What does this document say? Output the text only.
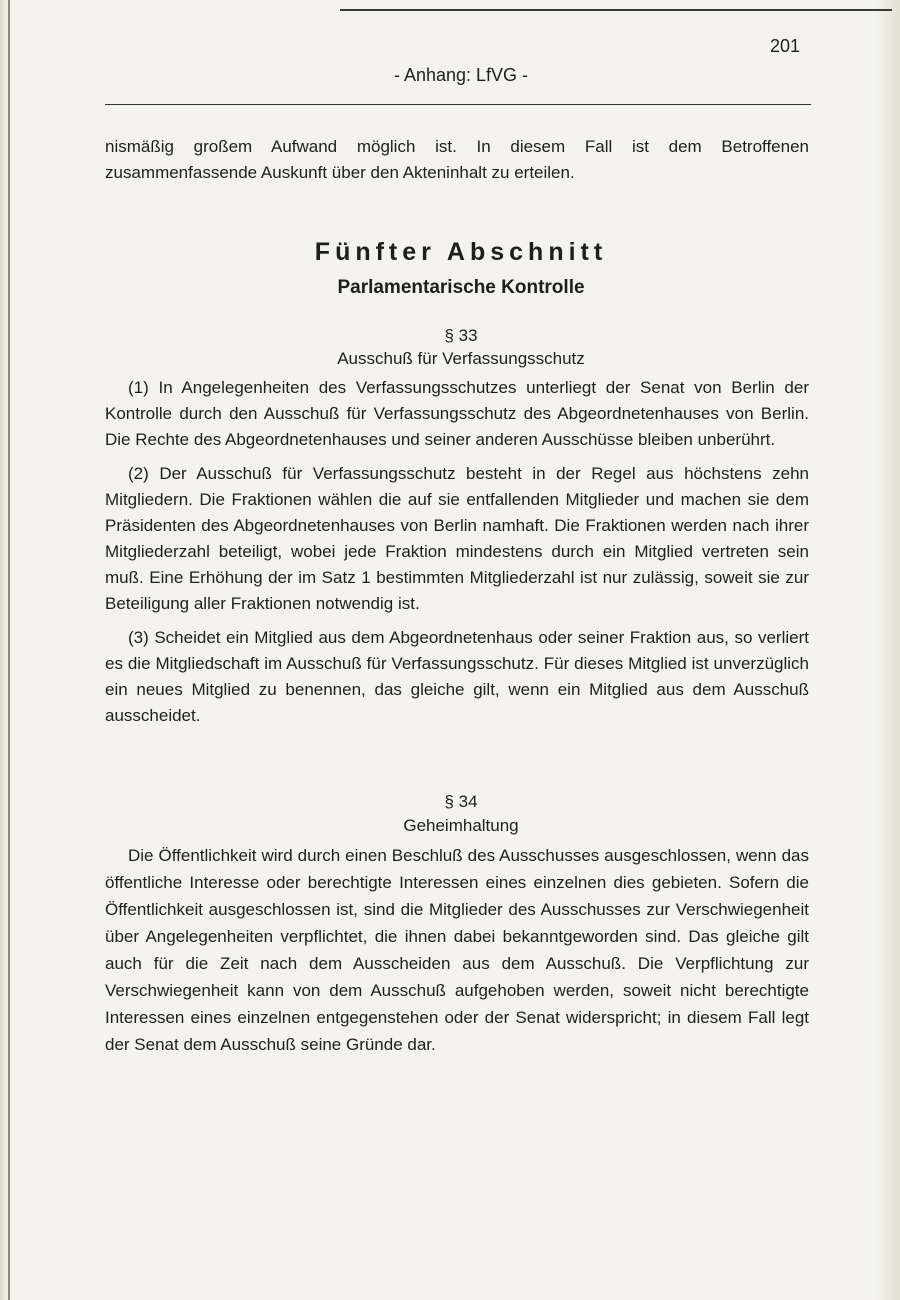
201
- Anhang: LfVG -

nismäßig großem Aufwand möglich ist. In diesem Fall ist dem Betroffenen zusammenfassende Auskunft über den Akteninhalt zu erteilen.

Fünfter Abschnitt
Parlamentarische Kontrolle
§ 33
Ausschuß für Verfassungsschutz

(1) In Angelegenheiten des Verfassungsschutzes unterliegt der Senat von Berlin der Kontrolle durch den Ausschuß für Verfassungsschutz des Abgeordnetenhauses von Berlin. Die Rechte des Abgeordnetenhauses und seiner anderen Ausschüsse bleiben unberührt.

(2) Der Ausschuß für Verfassungsschutz besteht in der Regel aus höchstens zehn Mitgliedern. Die Fraktionen wählen die auf sie entfallenden Mitglieder und machen sie dem Präsidenten des Abgeordnetenhauses von Berlin namhaft. Die Fraktionen werden nach ihrer Mitgliederzahl beteiligt, wobei jede Fraktion mindestens durch ein Mitglied vertreten sein muß. Eine Erhöhung der im Satz 1 bestimmten Mitgliederzahl ist nur zulässig, soweit sie zur Beteiligung aller Fraktionen notwendig ist.

(3) Scheidet ein Mitglied aus dem Abgeordnetenhaus oder seiner Fraktion aus, so verliert es die Mitgliedschaft im Ausschuß für Verfassungsschutz. Für dieses Mitglied ist unverzüglich ein neues Mitglied zu benennen, das gleiche gilt, wenn ein Mitglied aus dem Ausschuß ausscheidet.

§ 34
Geheimhaltung

Die Öffentlichkeit wird durch einen Beschluß des Ausschusses ausgeschlossen, wenn das öffentliche Interesse oder berechtigte Interessen eines einzelnen dies gebieten. Sofern die Öffentlichkeit ausgeschlossen ist, sind die Mitglieder des Ausschusses zur Verschwiegenheit über Angelegenheiten verpflichtet, die ihnen dabei bekanntgeworden sind. Das gleiche gilt auch für die Zeit nach dem Ausscheiden aus dem Ausschuß. Die Verpflichtung zur Verschwiegenheit kann von dem Ausschuß aufgehoben werden, soweit nicht berechtigte Interessen eines einzelnen entgegenstehen oder der Senat widerspricht; in diesem Fall legt der Senat dem Ausschuß seine Gründe dar.
